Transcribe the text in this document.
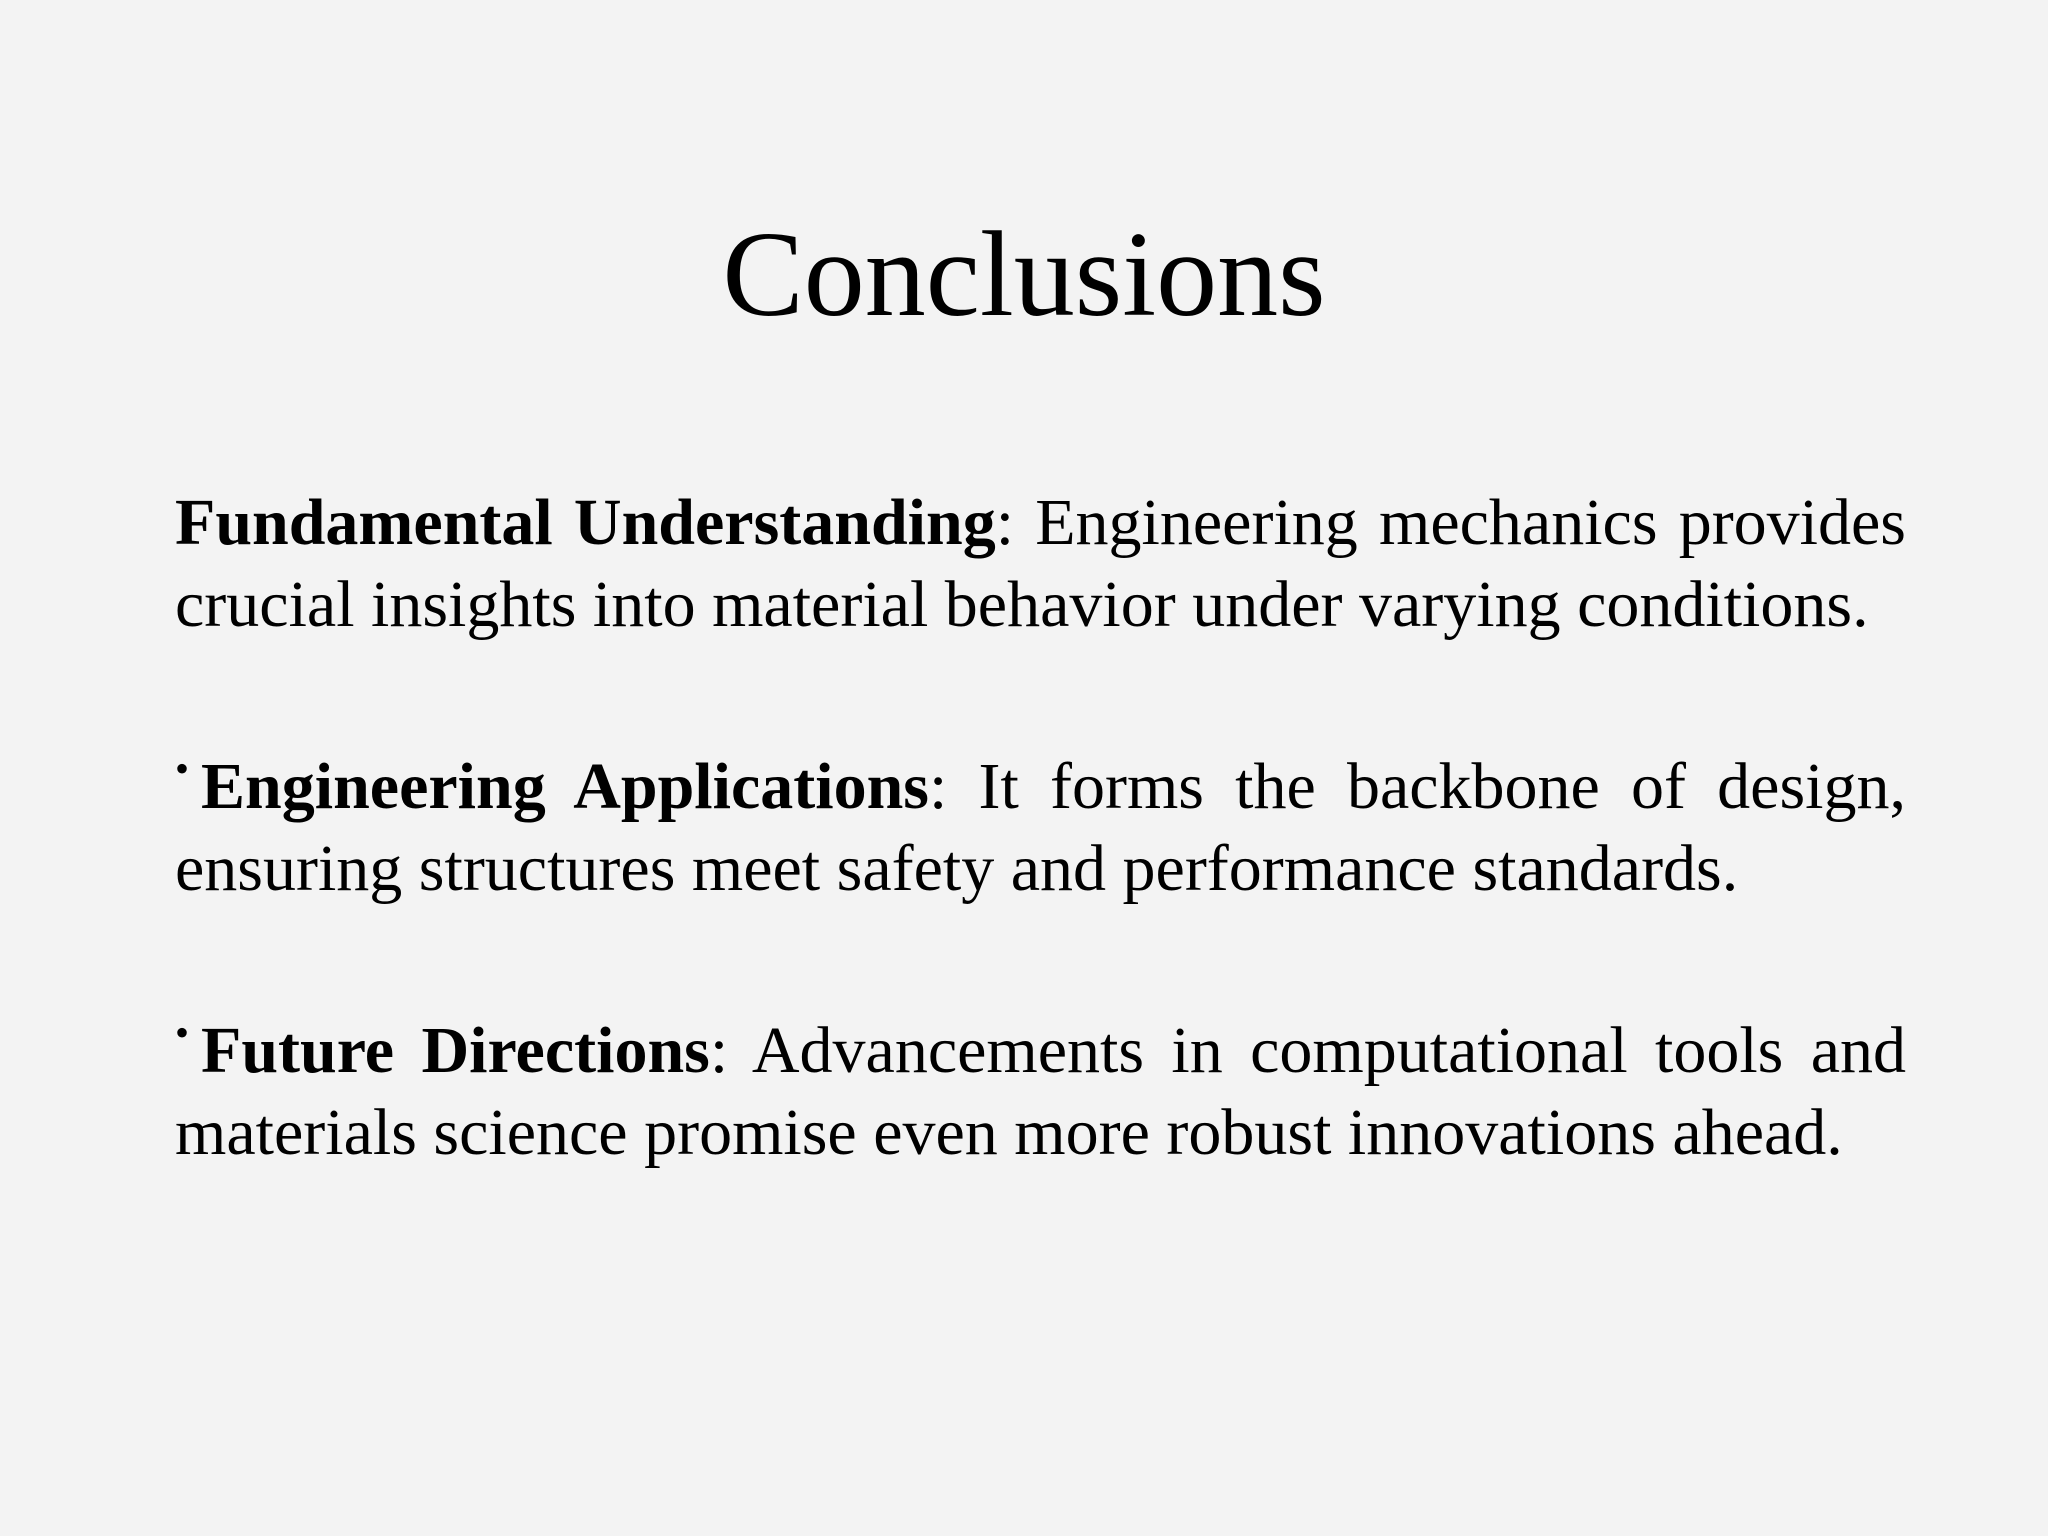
Conclusions

Fundamental Understanding: Engineering mechanics provides crucial insights into material behavior under varying conditions.

• Engineering Applications: It forms the backbone of design, ensuring structures meet safety and performance standards.

• Future Directions: Advancements in computational tools and materials science promise even more robust innovations ahead.
